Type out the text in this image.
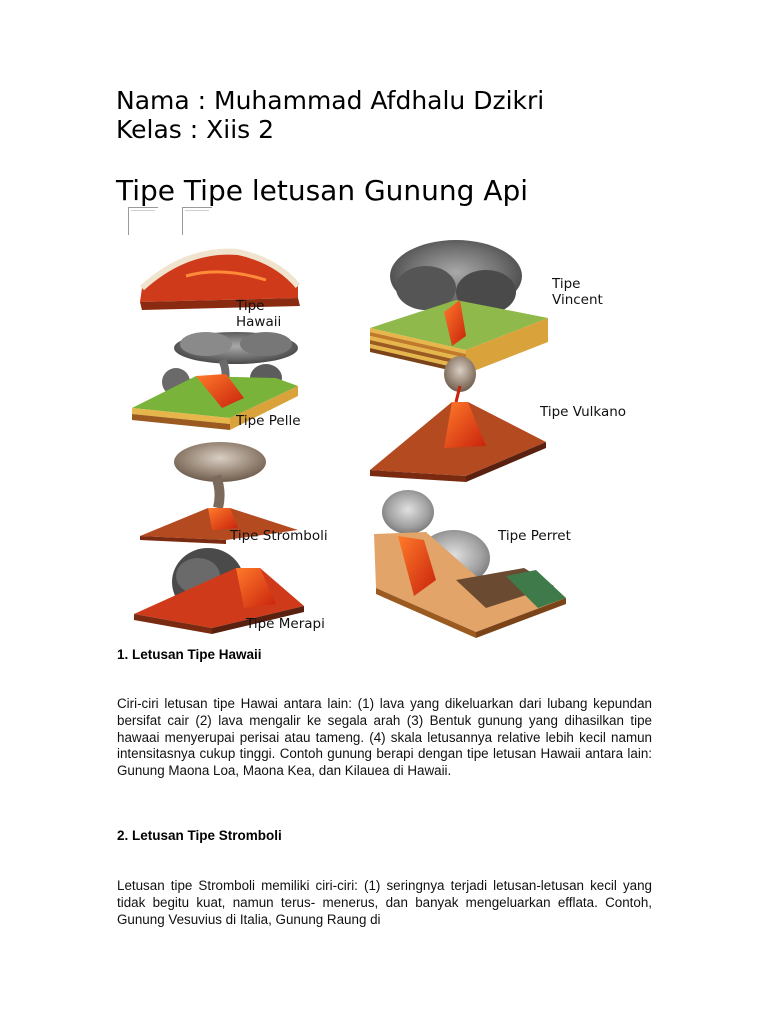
Nama : Muhammad Afdhalu Dzikri
Kelas : Xiis 2
Tipe Tipe letusan Gunung Api
Tipe
Hawaii
Tipe
Vincent
Tipe Pelle
Tipe Vulkano
Tipe Stromboli	Tipe Perret
Tipe Merapi
1. Letusan Tipe Hawaii
Ciri-ciri letusan tipe Hawai antara lain: (1) lava yang dikeluarkan dari lubang kepundan bersifat cair (2) lava mengalir ke segala arah (3) Bentuk gunung yang dihasilkan tipe hawaai menyerupai perisai atau tameng. (4) skala letusannya relative lebih kecil namun intensitasnya cukup tinggi. Contoh gunung berapi dengan tipe letusan Hawaii antara lain: Gunung Maona Loa, Maona Kea, dan Kilauea di Hawaii.
2. Letusan Tipe Stromboli
Letusan tipe Stromboli memiliki ciri-ciri: (1) seringnya terjadi letusan-letusan kecil yang tidak begitu kuat, namun terus- menerus, dan banyak mengeluarkan efflata. Contoh, Gunung Vesuvius di Italia, Gunung Raung di
